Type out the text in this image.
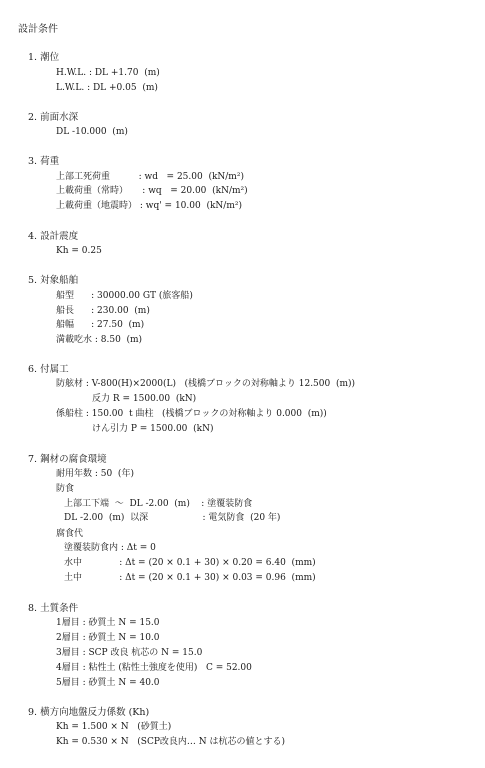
設計条件
1. 潮位
H.W.L. : DL +1.70  (m)
L.W.L. : DL +0.05  (m)
2. 前面水深
DL -10.000  (m)
3. 荷重
上部工死荷重          : wd   = 25.00  (kN/m²)
上載荷重（常時）     : wq   = 20.00  (kN/m²)
上載荷重（地震時） : wq' = 10.00  (kN/m²)
4. 設計震度
Kh = 0.25
5. 対象船舶
船型      : 30000.00 GT (旅客船)
船長      : 230.00  (m)
船幅      : 27.50  (m)
満載吃水 : 8.50  (m)
6. 付属工
防舷材 : V-800(H)×2000(L)   (桟橋ブロックの対称軸より 12.500  (m))
反力 R = 1500.00  (kN)
係船柱 : 150.00  t 曲柱   (桟橋ブロックの対称軸より 0.000  (m))
けん引力 P = 1500.00  (kN)
7. 鋼材の腐食環境
耐用年数 : 50  (年)
防食
上部工下端  ～  DL -2.00  (m)    : 塗覆装防食
DL -2.00  (m)  以深                   : 電気防食  (20 年)
腐食代
塗覆装防食内 : Δt = 0
水中             : Δt = (20 × 0.1 + 30) × 0.20 = 6.40  (mm)
土中             : Δt = (20 × 0.1 + 30) × 0.03 = 0.96  (mm)
8. 土質条件
1層目 : 砂質土 N = 15.0
2層目 : 砂質土 N = 10.0
3層目 : SCP 改良 杭芯の N = 15.0
4層目 : 粘性土 (粘性土強度を使用)   C = 52.00
5層目 : 砂質土 N = 40.0
9. 横方向地盤反力係数 (Kh)
Kh = 1.500 × N   (砂質土)
Kh = 0.530 × N   (SCP改良内… N は杭芯の値とする)
